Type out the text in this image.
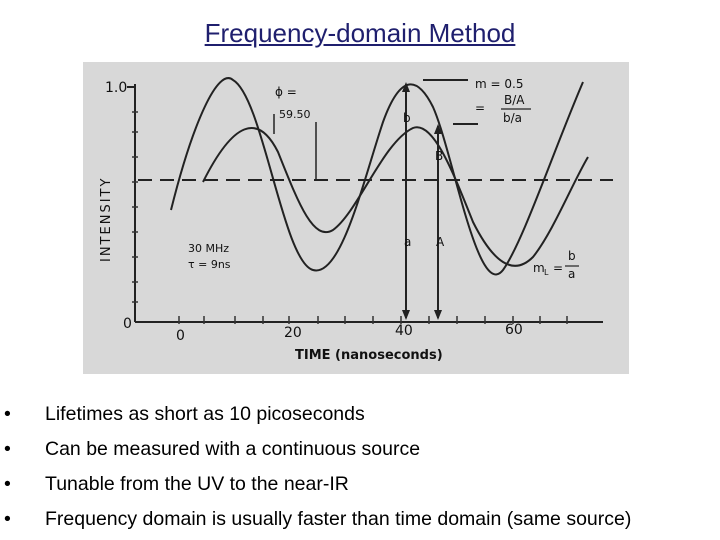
Frequency-domain Method
1.0
0
INTENSITY
0	20	40	60
TIME (nanoseconds)
ϕ =
59.50
m = 0.5
=
B/A
b/a
b
B
a A
m L =
b
a
30 MHz
τ = 9ns
• Lifetimes as short as 10 picoseconds
• Can be measured with a continuous source
• Tunable from the UV to the near-IR
• Frequency domain is usually faster than time domain (same source)
